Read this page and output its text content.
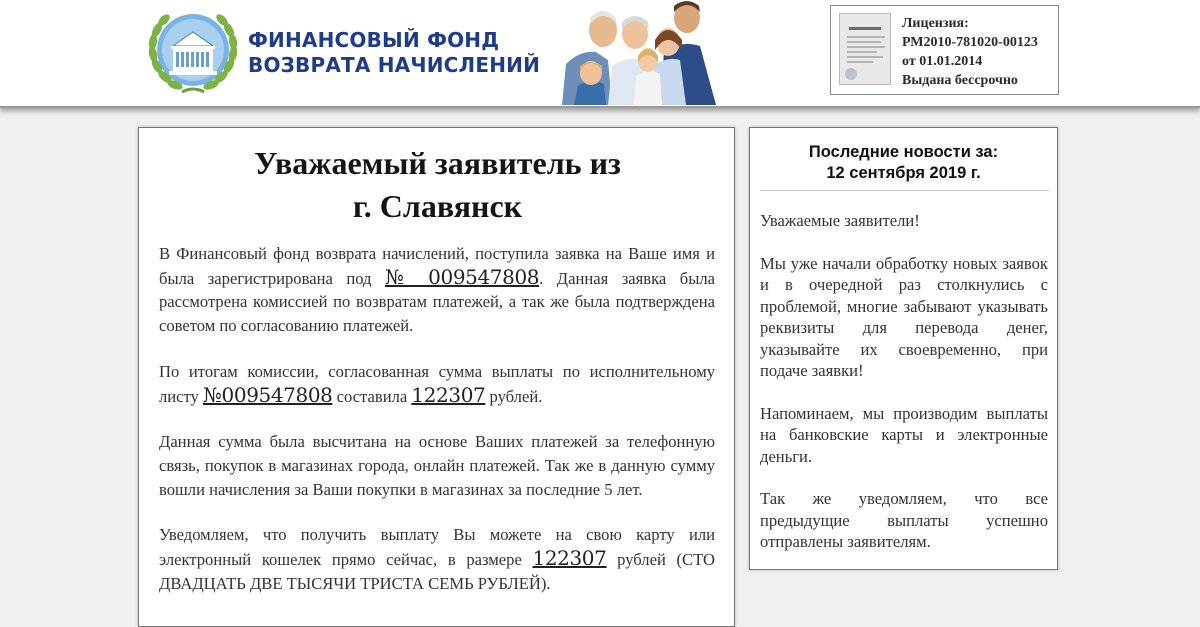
ФИНАНСОВЫЙ ФОНД
ВОЗВРАТА НАЧИСЛЕНИЙ
Лицензия:
РМ2010-781020-00123
от 01.01.2014
Выдана бессрочно
Уважаемый заявитель из
г. Славянск

В Финансовый фонд возврата начислений, поступила заявка на Ваше имя и была зарегистрирована под № 009547808. Данная заявка была рассмотрена комиссией по возвратам платежей, а так же была подтверждена советом по согласованию платежей.

По итогам комиссии, согласованная сумма выплаты по исполнительному листу №009547808 составила 122307 рублей.

Данная сумма была высчитана на основе Ваших платежей за телефонную связь, покупок в магазинах города, онлайн платежей. Так же в данную сумму вошли начисления за Ваши покупки в магазинах за последние 5 лет.

Уведомляем, что получить выплату Вы можете на свою карту или электронный кошелек прямо сейчас, в размере 122307 рублей (СТО ДВАДЦАТЬ ДВЕ ТЫСЯЧИ ТРИСТА СЕМЬ РУБЛЕЙ).

Последние новости за:
12 сентября 2019 г.

Уважаемые заявители!

Мы уже начали обработку новых заявок и в очередной раз столкнулись с проблемой, многие забывают указывать реквизиты для перевода денег, указывайте их своевременно, при подаче заявки!

Напоминаем, мы производим выплаты на банковские карты и электронные деньги.

Так же уведомляем, что все предыдущие выплаты успешно отправлены заявителям.
